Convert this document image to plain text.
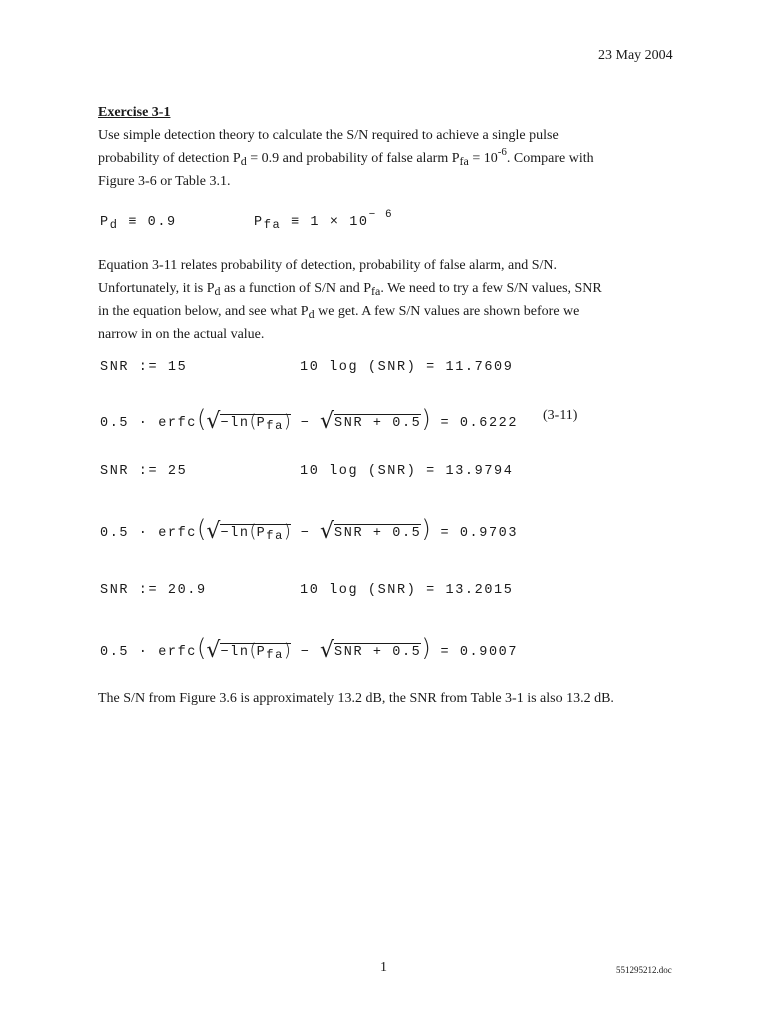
23 May 2004
Exercise 3-1
Use simple detection theory to calculate the S/N required to achieve a single pulse
probability of detection $P_d = 0.9$ and probability of false alarm $P_{fa} = 10^{-6}$. Compare with
Figure 3-6 or Table 3.1.
Pd ≡ 0.9	Pfa ≡ $1 \times 10^{- 6}$
Equation 3-11 relates probability of detection, probability of false alarm, and S/N.
Unfortunately, it is $P_d$ as a function of S/N and $P_{fa}$. We need to try a few S/N values, SNR
in the equation below, and see what $P_d$ we get. A few S/N values are shown before we
narrow in on the actual value.
SNR := 15	10 log (SNR) = 11.7609
0.5 · erfc(√−ln(Pfa) − √SNR + 0.5) = 0.6222
(3-11)
SNR := 25	10 log (SNR) = 13.9794
0.5 · erfc(√−ln(Pfa) − √SNR + 0.5) = 0.9703
SNR := 20.9	10 log (SNR) = 13.2015
0.5 · erfc(√−ln(Pfa) − √SNR + 0.5) = 0.9007
The S/N from Figure 3.6 is approximately 13.2 dB, the SNR from Table 3-1 is also 13.2 dB.
1	551295212.doc
